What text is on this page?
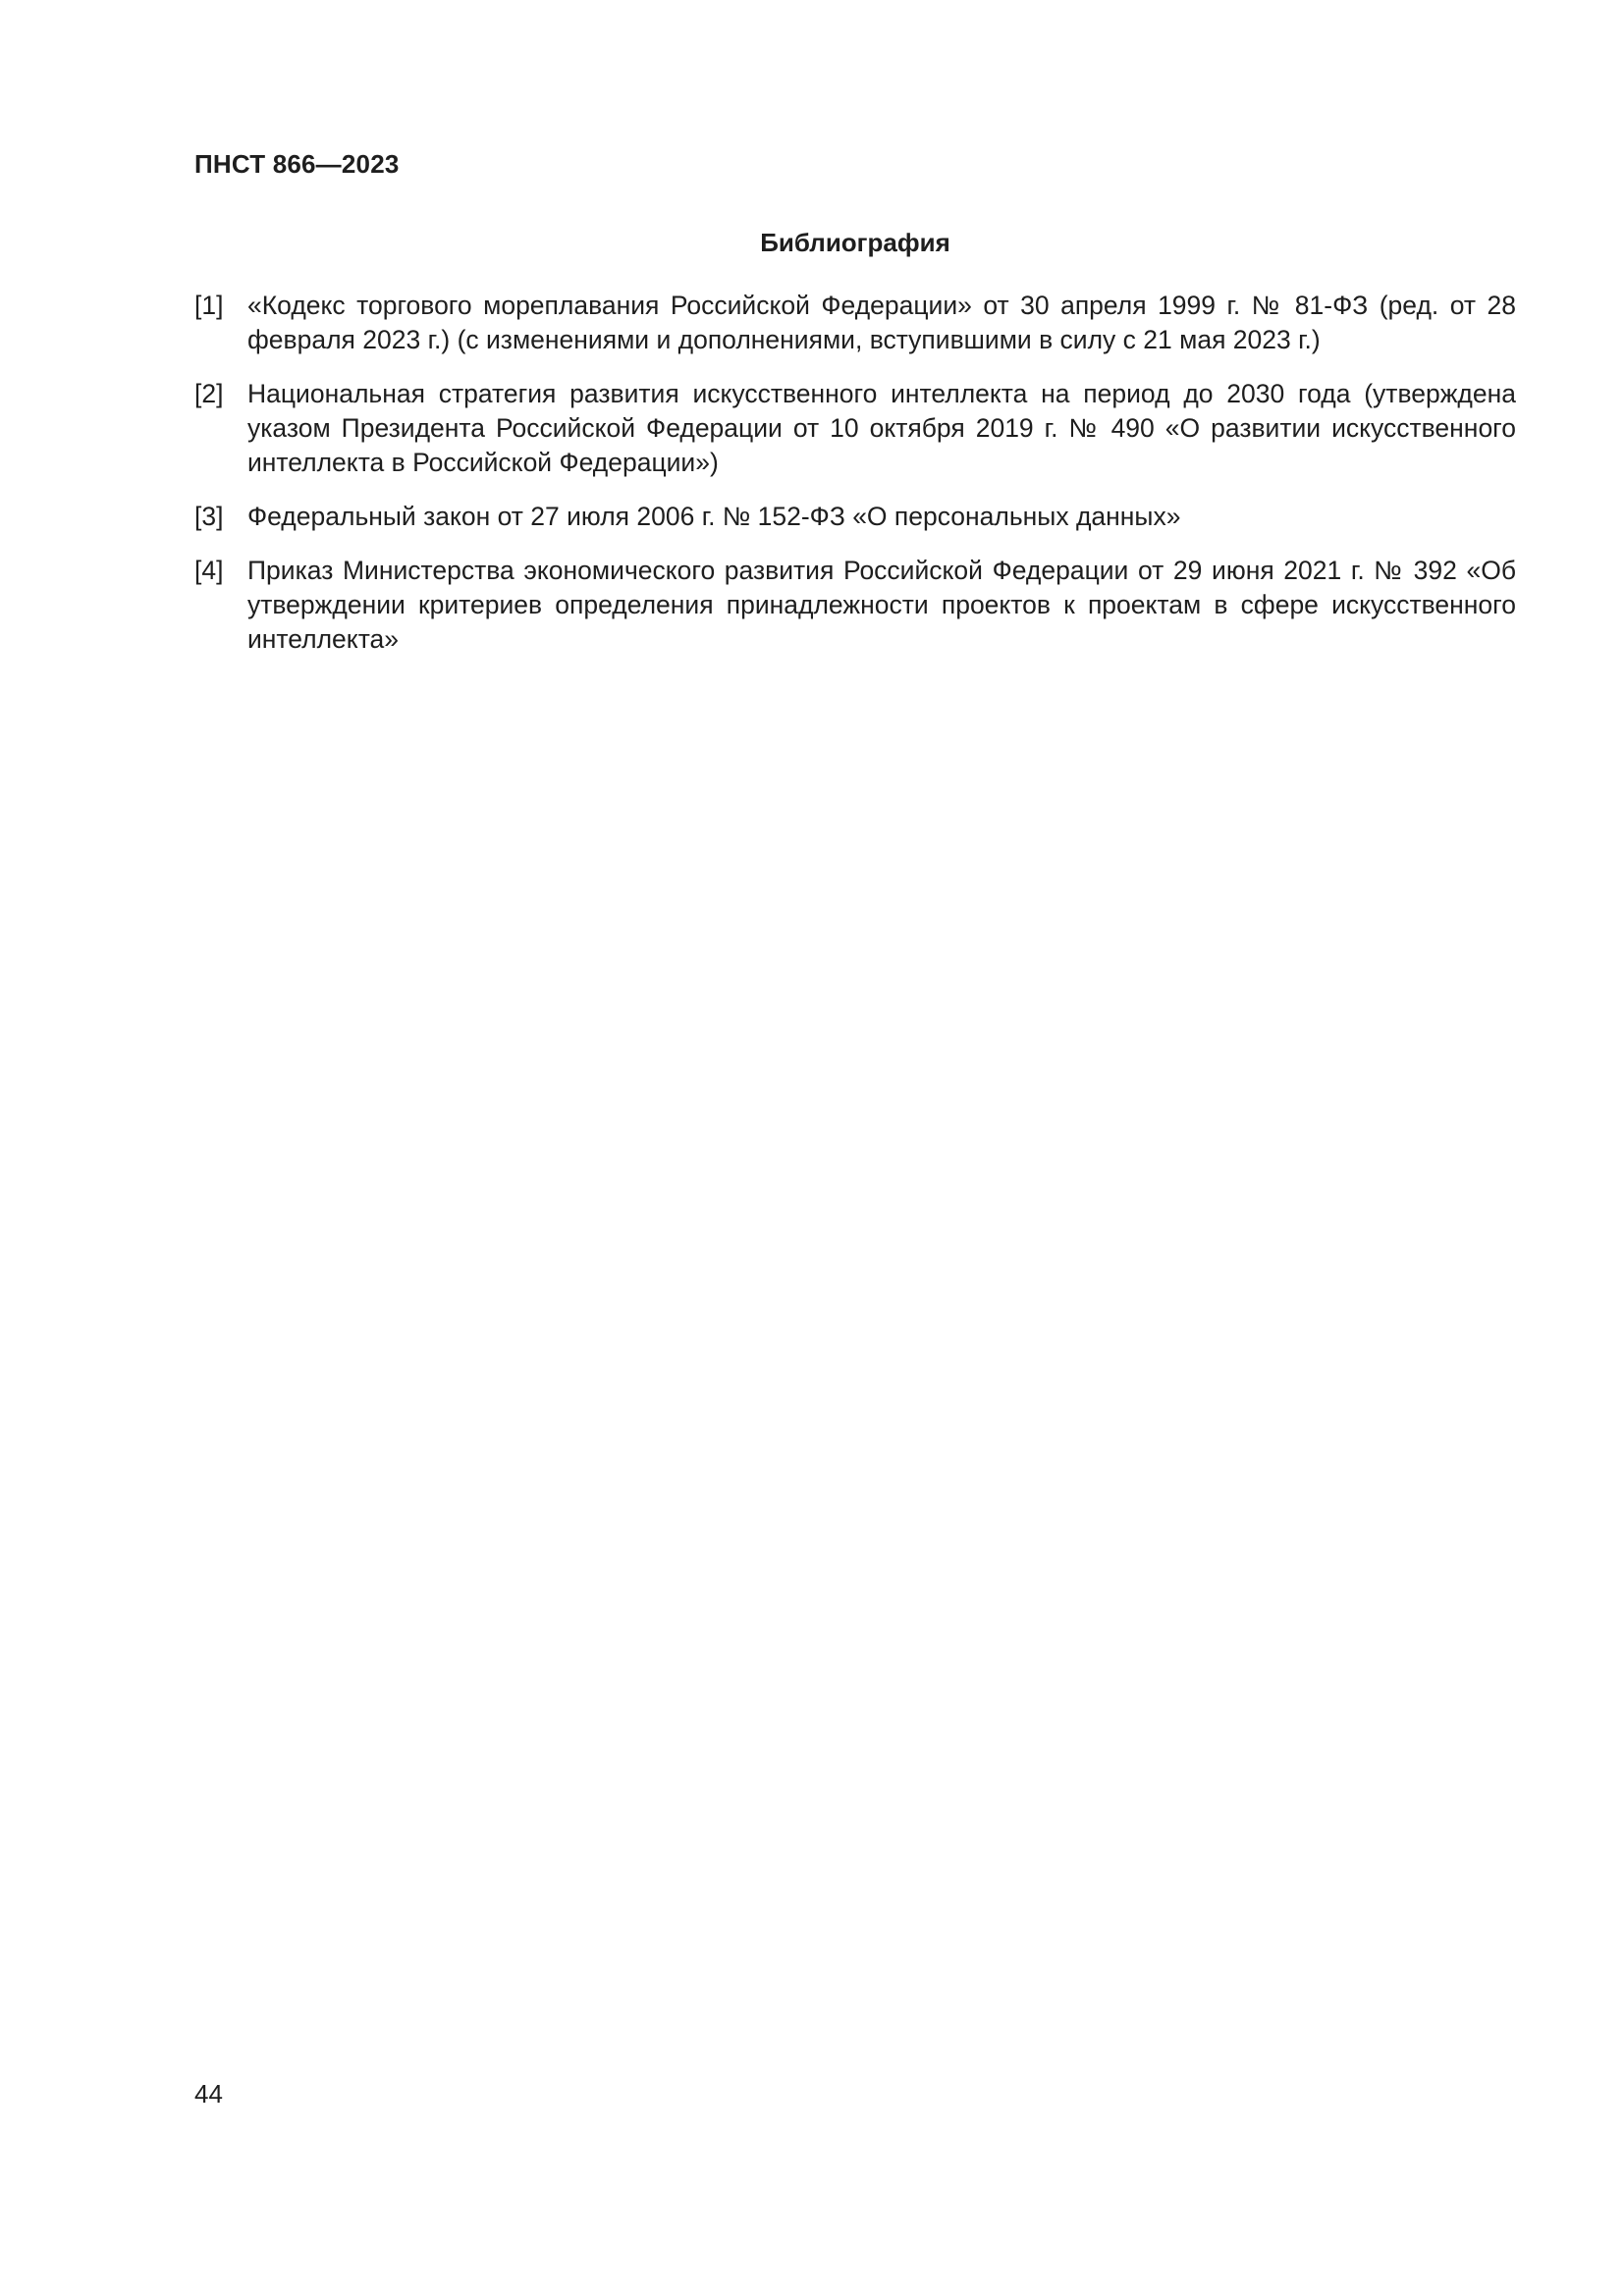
ПНСТ 866—2023
Библиография
[1] «Кодекс торгового мореплавания Российской Федерации» от 30 апреля 1999 г. № 81-ФЗ (ред. от 28 февраля 2023 г.) (с изменениями и дополнениями, вступившими в силу с 21 мая 2023 г.)
[2] Национальная стратегия развития искусственного интеллекта на период до 2030 года (утверждена указом Президента Российской Федерации от 10 октября 2019 г. № 490 «О развитии искусственного интеллекта в Российской Федерации»)
[3] Федеральный закон от 27 июля 2006 г. № 152-ФЗ «О персональных данных»
[4] Приказ Министерства экономического развития Российской Федерации от 29 июня 2021 г. № 392 «Об утверждении критериев определения принадлежности проектов к проектам в сфере искусственного интеллекта»
44
